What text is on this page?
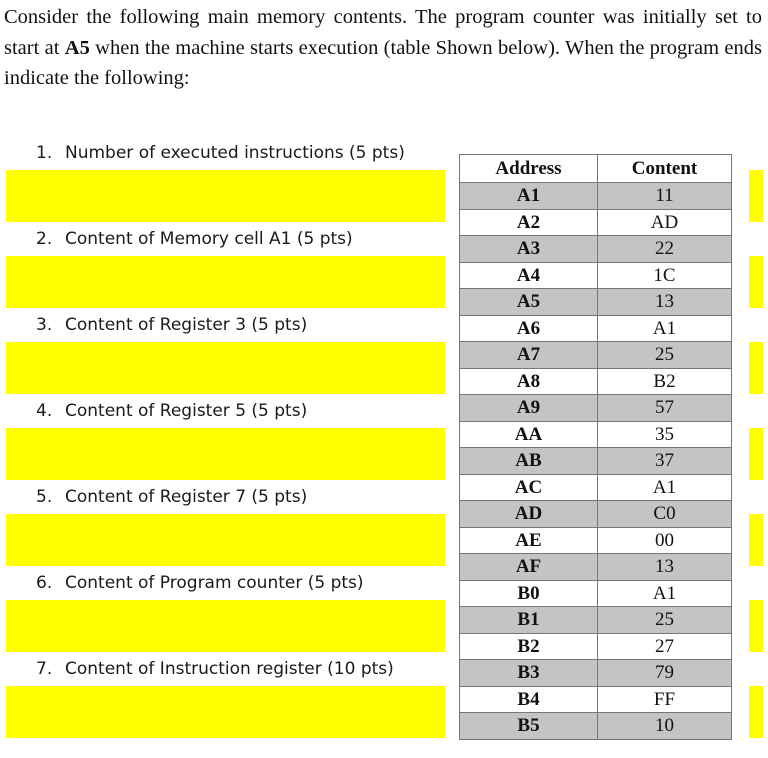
Consider the following main memory contents. The program counter was initially set to start at A5 when the machine starts execution (table Shown below). When the program ends indicate the following:

1. Number of executed instructions (5 pts)
2. Content of Memory cell A1 (5 pts)
3. Content of Register 3 (5 pts)
4. Content of Register 5 (5 pts)
5. Content of Register 7 (5 pts)
6. Content of Program counter (5 pts)
7. Content of Instruction register (10 pts)
Address	Content
A1	11
A2	AD
A3	22
A4	1C
A5	13
A6	A1
A7	25
A8	B2
A9	57
AA	35
AB	37
AC	A1
AD	C0
AE	00
AF	13
B0	A1
B1	25
B2	27
B3	79
B4	FF
B5	10
